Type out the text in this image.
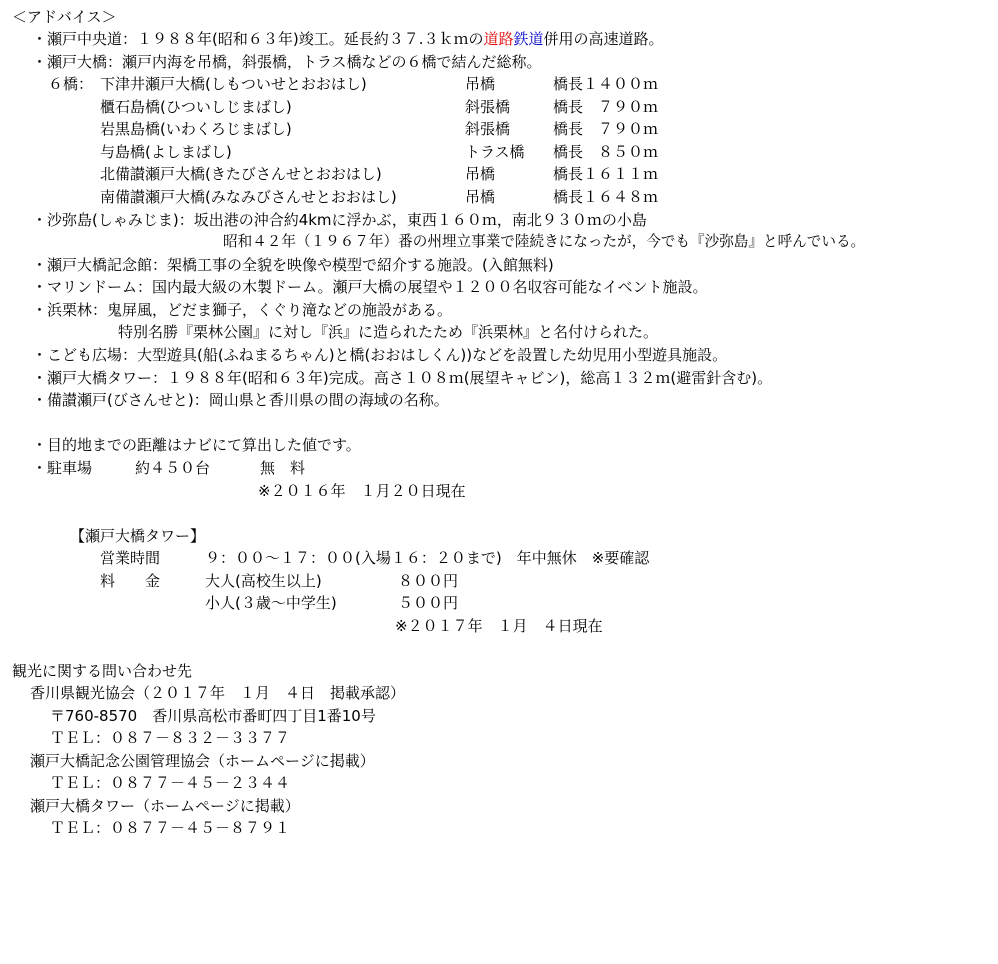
＜アドバイス＞
・瀬戸中央道：１９８８年(昭和６３年)竣工。延長約３７.３ｋｍの道路鉄道併用の高速道路。
・瀬戸大橋：瀬戸内海を吊橋，斜張橋，トラス橋などの６橋で結んだ総称。
６橋： 下津井瀬戸大橋(しもついせとおおはし)	吊橋	橋長１４００ｍ
櫃石島橋(ひついしじまばし)	斜張橋	橋長　７９０ｍ
岩黒島橋(いわくろじまばし)	斜張橋	橋長　７９０ｍ
与島橋(よしまばし)	トラス橋 橋長　８５０ｍ
北備讃瀬戸大橋(きたびさんせとおおはし)	吊橋	橋長１６１１ｍ
南備讃瀬戸大橋(みなみびさんせとおおはし)	吊橋	橋長１６４８ｍ
・沙弥島(しゃみじま)：坂出港の沖合約4kmに浮かぶ，東西１６０ｍ，南北９３０ｍの小島
昭和４２年（１９６７年）番の州埋立事業で陸続きになったが，今でも『沙弥島』と呼んでいる。
・瀬戸大橋記念館：架橋工事の全貌を映像や模型で紹介する施設。(入館無料)
・マリンドーム：国内最大級の木製ドーム。瀬戸大橋の展望や１２００名収容可能なイベント施設。
・浜栗林：鬼屏風，どだま獅子，くぐり滝などの施設がある。
特別名勝『栗林公園』に対し『浜』に造られたため『浜栗林』と名付けられた。
・こども広場：大型遊具(船(ふねまるちゃん)と橋(おおはしくん))などを設置した幼児用小型遊具施設。
・瀬戸大橋タワー：１９８８年(昭和６３年)完成。高さ１０８ｍ(展望キャビン)，総高１３２ｍ(避雷針含む)。
・備讃瀬戸(びさんせと)：岡山県と香川県の間の海域の名称。
・目的地までの距離はナビにて算出した値です。
・駐車場	約４５０台	無　料
※２０１６年　１月２０日現在
【瀬戸大橋タワー】
営業時間	９：００～１７：００(入場１６：２０まで)　年中無休　※要確認
料　　金	大人(高校生以上)	８００円
小人(３歳～中学生)	５００円
※２０１７年　１月　４日現在
観光に関する問い合わせ先
香川県観光協会（２０１７年　１月　４日　掲載承認）
〒760-8570　香川県高松市番町四丁目1番10号
ＴＥＬ：０８７－８３２－３３７７
瀬戸大橋記念公園管理協会（ホームページに掲載）
ＴＥＬ：０８７７－４５－２３４４
瀬戸大橋タワー（ホームページに掲載）
ＴＥＬ：０８７７－４５－８７９１
